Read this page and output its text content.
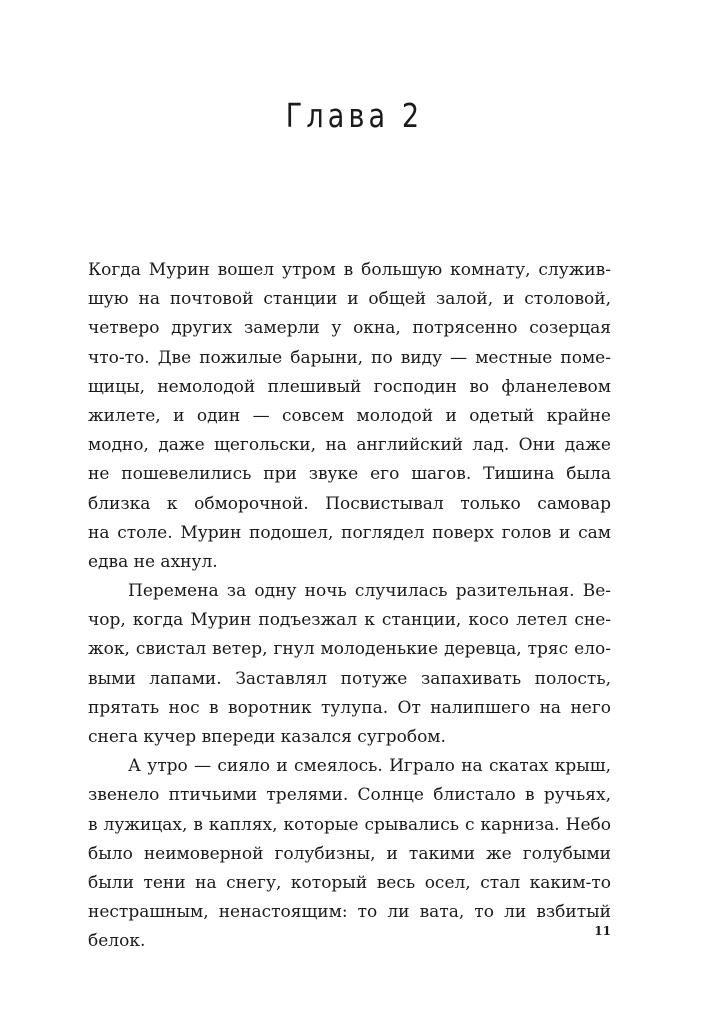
Глава 2
Когда Мурин вошел утром в большую комнату, служив-
шую на почтовой станции и общей залой, и столовой,
четверо других замерли у окна, потрясенно созерцая
что-то. Две пожилые барыни, по виду — местные поме-
щицы, немолодой плешивый господин во фланелевом
жилете, и один — совсем молодой и одетый крайне
модно, даже щегольски, на английский лад. Они даже
не пошевелились при звуке его шагов. Тишина была
близка к обморочной. Посвистывал только самовар
на столе. Мурин подошел, поглядел поверх голов и сам
едва не ахнул.
Перемена за одну ночь случилась разительная. Ве-
чор, когда Мурин подъезжал к станции, косо летел сне-
жок, свистал ветер, гнул молоденькие деревца, тряс ело-
выми лапами. Заставлял потуже запахивать полость,
прятать нос в воротник тулупа. От налипшего на него
снега кучер впереди казался сугробом.
А утро — сияло и смеялось. Играло на скатах крыш,
звенело птичьими трелями. Солнце блистало в ручьях,
в лужицах, в каплях, которые срывались с карниза. Небо
было неимоверной голубизны, и такими же голубыми
были тени на снегу, который весь осел, стал каким-то
нестрашным, ненастоящим: то ли вата, то ли взбитый
белок.
11
